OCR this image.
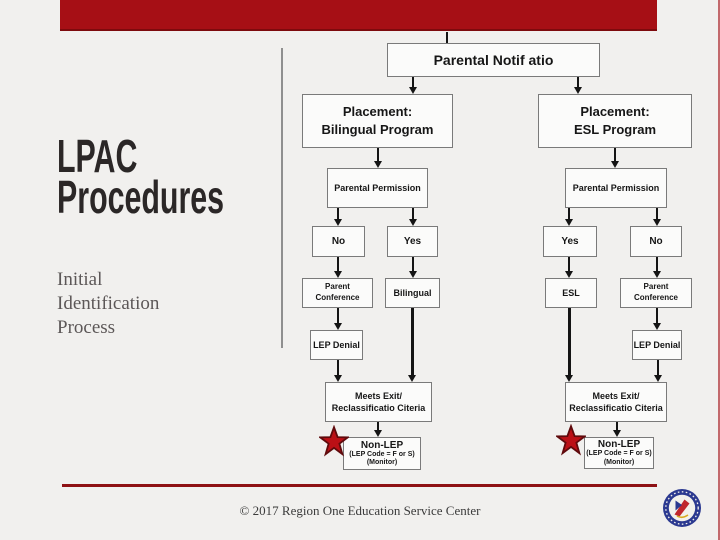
LPAC
Procedures
Initial
Identification
Process
Parental Notif atio
Placement:
Bilingual Program
Placement:
ESL Program
Parental Permission	Parental Permission
No	Yes	Yes	No
Parent Conference	Bilingual	ESL
Parent Conference
LEP Denial	LEP Denial
Meets Exit/
Reclassificatio Citeria
Meets Exit/
Reclassificatio Citeria
Non-LEP
(LEP Code = F or S)
(Monitor)
Non-LEP
(LEP Code = F or S)
(Monitor)
© 2017 Region One Education Service Center
